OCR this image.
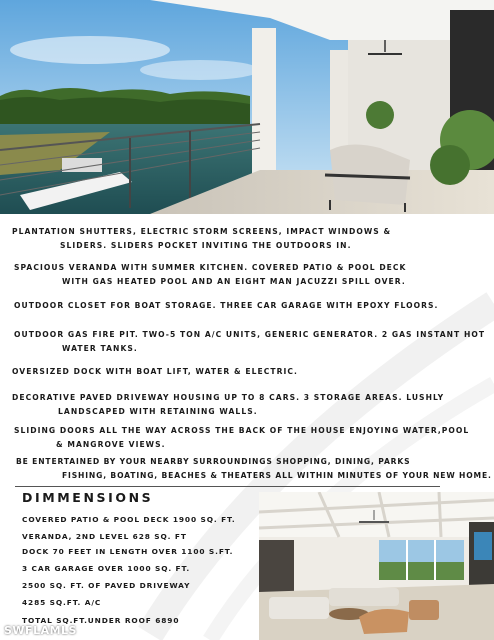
PLANTATION SHUTTERS, ELECTRIC STORM SCREENS, IMPACT WINDOWS &
SLIDERS. SLIDERS POCKET INVITING THE OUTDOORS IN.
SPACIOUS VERANDA WITH SUMMER KITCHEN. COVERED PATIO & POOL DECK
WITH GAS HEATED POOL AND AN EIGHT MAN JACUZZI SPILL OVER.
OUTDOOR CLOSET FOR BOAT STORAGE. THREE CAR GARAGE WITH EPOXY FLOORS.
OUTDOOR GAS FIRE PIT. TWO-5 TON A/C UNITS, GENERIC GENERATOR. 2 GAS INSTANT HOT
WATER TANKS.
OVERSIZED DOCK WITH BOAT LIFT, WATER & ELECTRIC.
DECORATIVE PAVED DRIVEWAY HOUSING UP TO 8 CARS. 3 STORAGE AREAS. LUSHLY
LANDSCAPED WITH RETAINING WALLS.
SLIDING DOORS ALL THE WAY ACROSS THE BACK OF THE HOUSE ENJOYING WATER,POOL
& MANGROVE VIEWS.
BE ENTERTAINED BY YOUR NEARBY SURROUNDINGS SHOPPING, DINING, PARKS
FISHING, BOATING, BEACHES & THEATERS ALL WITHIN MINUTES OF YOUR NEW HOME.
DIMMENSIONS
COVERED PATIO & POOL DECK 1900 SQ. FT.
VERANDA, 2ND LEVEL 628 SQ. FT
DOCK 70 FEET IN LENGTH OVER 1100 S.FT.
3 CAR GARAGE OVER 1000 SQ. FT.
2500 SQ. FT. OF PAVED DRIVEWAY
4285 SQ.FT. A/C
TOTAL SQ.FT.UNDER ROOF 6890
SWFLAMLS
